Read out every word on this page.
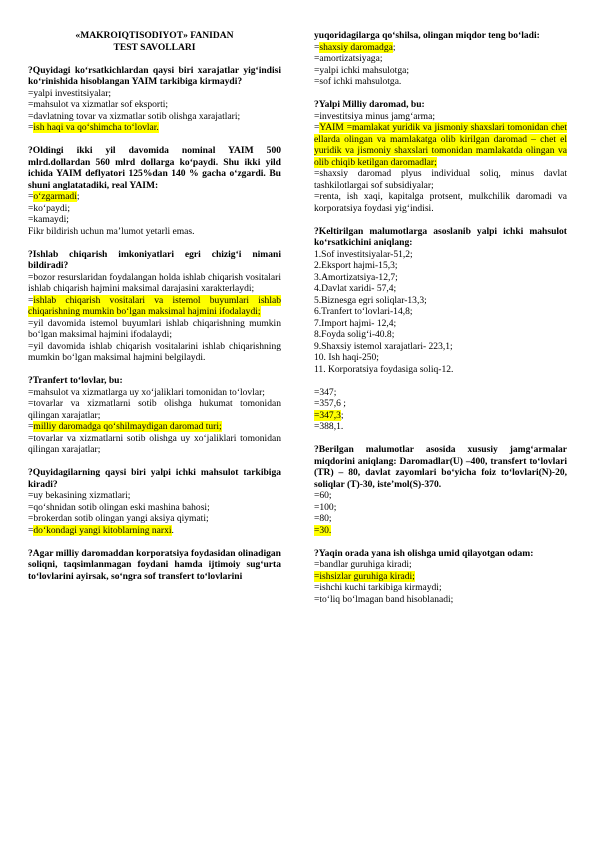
«MAKROIQTISODIYOT» FANIDAN
TEST SAVOLLARI
?Quyidagi ko‘rsatkichlardan qaysi biri xarajatlar yig‘indisi ko‘rinishida hisoblangan YAIM tarkibiga kirmaydi?
=yalpi investitsiyalar;
=mahsulot va xizmatlar sof eksporti;
=davlatning tovar va xizmatlar sotib olishga xarajatlari;
=ish haqi va qo‘shimcha to‘lovlar.
?Oldingi ikki yil davomida nominal YAIM 500 mlrd.dollardan 560 mlrd dollarga ko‘paydi. Shu ikki yild ichida YAIM deflyatori 125%dan 140 % gacha o‘zgardi. Bu shuni anglatatadiki, real YAIM:
=o‘zgarmadi;
=ko‘paydi;
=kamaydi;
Fikr bildirish uchun ma’lumot yetarli emas.
?Ishlab chiqarish imkoniyatlari egri chizig‘i nimani bildiradi?
=bozor resurslaridan foydalangan holda ishlab chiqarish vositalari ishlab chiqarish hajmini maksimal darajasini xarakterlaydi;
=ishlab chiqarish vositalari va istemol buyumlari ishlab chiqarishning mumkin bo‘lgan maksimal hajmini ifodalaydi;
=yil davomida istemol buyumlari ishlab chiqarishning mumkin bo‘lgan maksimal hajmini ifodalaydi;
=yil davomida ishlab chiqarish vositalarini ishlab chiqarishning mumkin bo‘lgan maksimal hajmini belgilaydi.
?Tranfert to‘lovlar, bu:
=mahsulot va xizmatlarga uy xo‘jaliklari tomonidan to‘lovlar;
=tovarlar va xizmatlarni sotib olishga hukumat tomonidan qilingan xarajatlar;
=milliy daromadga qo‘shilmaydigan daromad turi;
=tovarlar va xizmatlarni sotib olishga uy xo‘jaliklari tomonidan qilingan xarajatlar;
?Quyidagilarning qaysi biri yalpi ichki mahsulot tarkibiga kiradi?
=uy bekasining xizmatlari;
=qo‘shnidan sotib olingan eski mashina bahosi;
=brokerdan sotib olingan yangi aksiya qiymati;
=do‘kondagi yangi kitoblarning narxi.
?Agar milliy daromaddan korporatsiya foydasidan olinadigan soliqni, taqsimlanmagan foydani hamda ijtimoiy sug‘urta to‘lovlarini ayirsak, so‘ngra sof transfert to‘lovlarini
yuqoridagilarga qo‘shilsa, olingan miqdor teng bo‘ladi:
=shaxsiy daromadga;
=amortizatsiyaga;
=yalpi ichki mahsulotga;
=sof ichki mahsulotga.
?Yalpi Milliy daromad, bu:
=investitsiya minus jamg‘arma;
=YAIM =mamlakat yuridik va jismoniy shaxslari tomonidan chet ellarda olingan va mamlakatga olib kirilgan daromad – chet el yuridik va jismoniy shaxslari tomonidan mamlakatda olingan va olib chiqib ketilgan daromadlar;
=shaxsiy daromad plyus individual soliq, minus davlat tashkilotlargai sof subsidiyalar;
=renta, ish xaqi, kapitalga protsent, mulkchilik daromadi va korporatsiya foydasi yig‘indisi.
?Keltirilgan malumotlarga asoslanib yalpi ichki mahsulot ko‘rsatkichini aniqlang:
1.Sof investitsiyalar-51,2;
2.Eksport hajmi-15,3;
3.Amortizatsiya-12,7;
4.Davlat xaridi- 57,4;
5.Biznesga egri soliqlar-13,3;
6.Tranfert to‘lovlari-14,8;
7.Import hajmi- 12,4;
8.Foyda solig‘i-40.8;
9.Shaxsiy istemol xarajatlari- 223,1;
10. Ish haqi-250;
11. Korporatsiya foydasiga soliq-12.
=347;
=357,6 ;
=347,3;
=388,1.
?Berilgan malumotlar asosida xususiy jamg‘armalar miqdorini aniqlang: Daromadlar(U) –400, transfert to‘lovlari (TR) – 80, davlat zayomlari bo‘yicha foiz to‘lovlari(N)-20, soliqlar (T)-30, iste’mol(S)-370.
=60;
=100;
=80;
=30.
?Yaqin orada yana ish olishga umid qilayotgan odam:
=bandlar guruhiga kiradi;
=ishsizlar guruhiga kiradi;
=ishchi kuchi tarkibiga kirmaydi;
=to‘liq bo‘lmagan band hisoblanadi;
